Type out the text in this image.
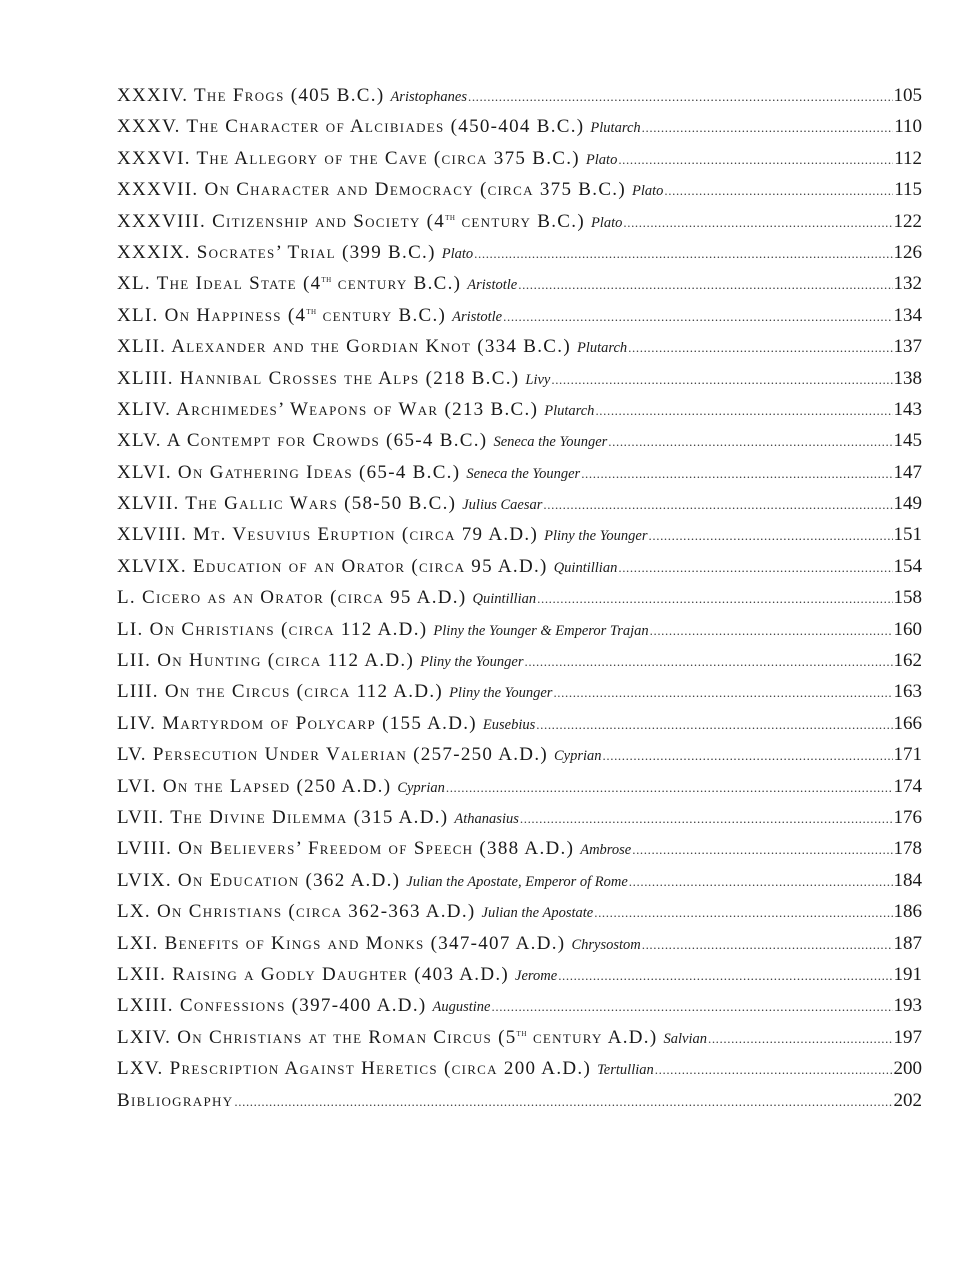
XXXIV. The Frogs (405 B.C.) Aristophanes .....	105
XXXV. The Character of Alcibiades (450-404 B.C.) Plutarch .....	110
XXXVI. The Allegory of the Cave (circa 375 B.C.) Plato .....	112
XXXVII. On Character and Democracy (circa 375 B.C.) Plato .....	115
XXXVIII. Citizenship and Society (4th century B.C.) Plato .....	122
XXXIX. Socrates’ Trial (399 B.C.) Plato .....	126
XL. The Ideal State (4th century B.C.) Aristotle .....	132
XLI. On Happiness (4th century B.C.) Aristotle .....	134
XLII. Alexander and the Gordian Knot (334 B.C.) Plutarch .....	137
XLIII. Hannibal Crosses the Alps (218 B.C.) Livy .....	138
XLIV. Archimedes’ Weapons of War (213 B.C.) Plutarch .....	143
XLV. A Contempt for Crowds (65-4 B.C.) Seneca the Younger .....	145
XLVI. On Gathering Ideas (65-4 B.C.) Seneca the Younger .....	147
XLVII. The Gallic Wars (58-50 B.C.) Julius Caesar .....	149
XLVIII. Mt. Vesuvius Eruption (circa 79 A.D.) Pliny the Younger .....	151
XLVIX. Education of an Orator (circa 95 A.D.) Quintillian .....	154
L. Cicero as an Orator (circa 95 A.D.) Quintillian .....	158
LI. On Christians (circa 112 A.D.) Pliny the Younger & Emperor Trajan .....	160
LII. On Hunting (circa 112 A.D.) Pliny the Younger .....	162
LIII. On the Circus (circa 112 A.D.) Pliny the Younger .....	163
LIV. Martyrdom of Polycarp (155 A.D.) Eusebius .....	166
LV. Persecution Under Valerian (257-250 A.D.) Cyprian .....	171
LVI. On the Lapsed (250 A.D.) Cyprian .....	174
LVII. The Divine Dilemma (315 A.D.) Athanasius .....	176
LVIII. On Believers’ Freedom of Speech (388 A.D.) Ambrose .....	178
LVIX. On Education (362 A.D.) Julian the Apostate, Emperor of Rome .....	184
LX. On Christians (circa 362-363 A.D.) Julian the Apostate .....	186
LXI. Benefits of Kings and Monks (347-407 A.D.) Chrysostom .....	187
LXII. Raising a Godly Daughter (403 A.D.) Jerome .....	191
LXIII. Confessions (397-400 A.D.) Augustine .....	193
LXIV. On Christians at the Roman Circus (5th century A.D.) Salvian .....	197
LXV. Prescription Against Heretics (circa 200 A.D.) Tertullian .....	200
Bibliography .....	202
